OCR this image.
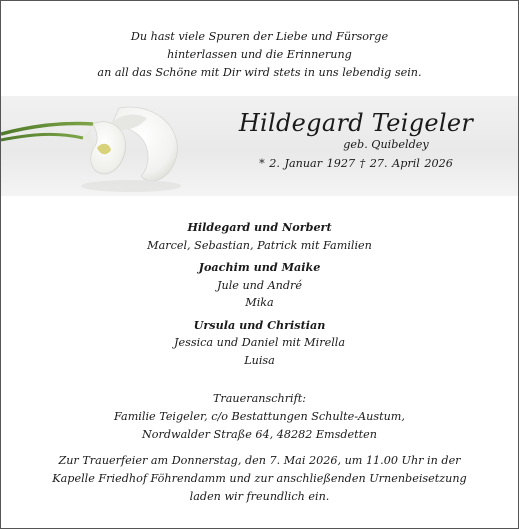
Du hast viele Spuren der Liebe und Fürsorge
hinterlassen und die Erinnerung
an all das Schöne mit Dir wird stets in uns lebendig sein.
Hildegard Teigeler
geb. Quibeldey
* 2. Januar 1927 † 27. April 2026
Hildegard und Norbert
Marcel, Sebastian, Patrick mit Familien
Joachim und Maike
Jule und André
Mika
Ursula und Christian
Jessica und Daniel mit Mirella
Luisa
Traueranschrift:
Familie Teigeler, c/o Bestattungen Schulte-Austum,
Nordwalder Straße 64, 48282 Emsdetten
Zur Trauerfeier am Donnerstag, den 7. Mai 2026, um 11.00 Uhr in der
Kapelle Friedhof Föhrendamm und zur anschließenden Urnenbeisetzung
laden wir freundlich ein.
